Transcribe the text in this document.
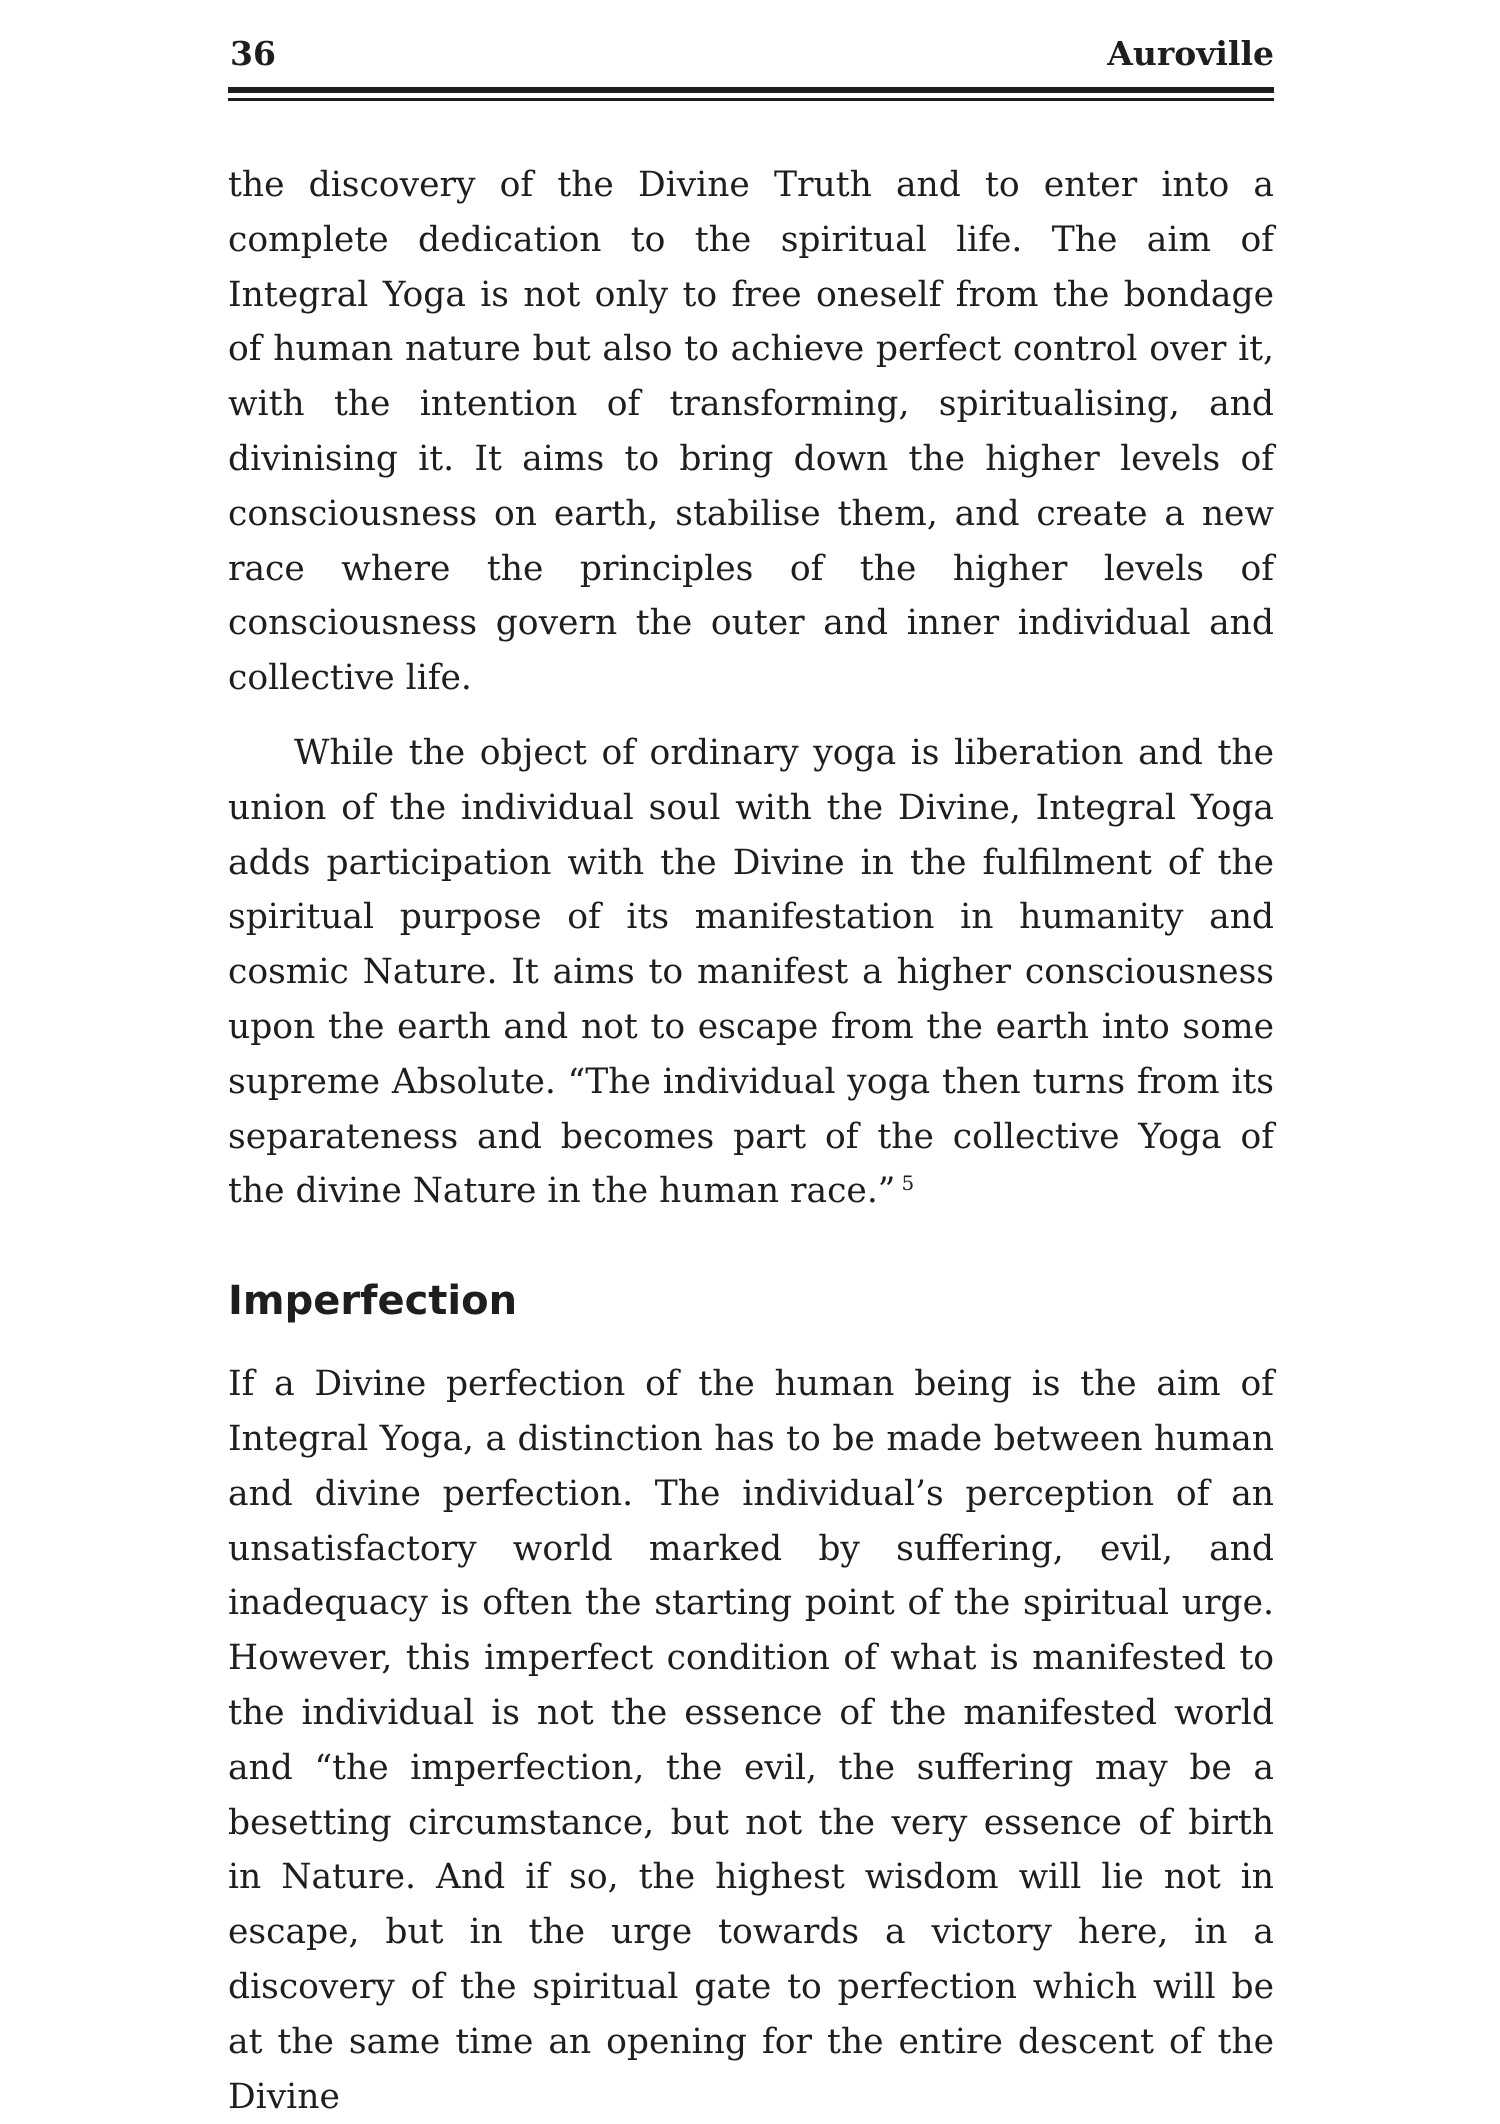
36	Auroville

the discovery of the Divine Truth and to enter into a complete dedication to the spiritual life. The aim of Integral Yoga is not only to free oneself from the bondage of human nature but also to achieve perfect control over it, with the intention of transforming, spiritualising, and divinising it. It aims to bring down the higher levels of consciousness on earth, stabilise them, and create a new race where the principles of the higher levels of consciousness govern the outer and inner individual and collective life.

While the object of ordinary yoga is liberation and the union of the individual soul with the Divine, Integral Yoga adds participation with the Divine in the fulfilment of the spiritual purpose of its manifestation in humanity and cosmic Nature. It aims to manifest a higher consciousness upon the earth and not to escape from the earth into some supreme Absolute. “The individual yoga then turns from its separateness and becomes part of the collective Yoga of the divine Nature in the human race.” $^5$

Imperfection

If a Divine perfection of the human being is the aim of Integral Yoga, a distinction has to be made between human and divine perfection. The individual’s perception of an unsatisfactory world marked by suffering, evil, and inadequacy is often the starting point of the spiritual urge. However, this imperfect condition of what is manifested to the individual is not the essence of the manifested world and “the imperfection, the evil, the suffering may be a besetting circumstance, but not the very essence of birth in Nature. And if so, the highest wisdom will lie not in escape, but in the urge towards a victory here, in a discovery of the spiritual gate to perfection which will be at the same time an opening for the entire descent of the Divine
